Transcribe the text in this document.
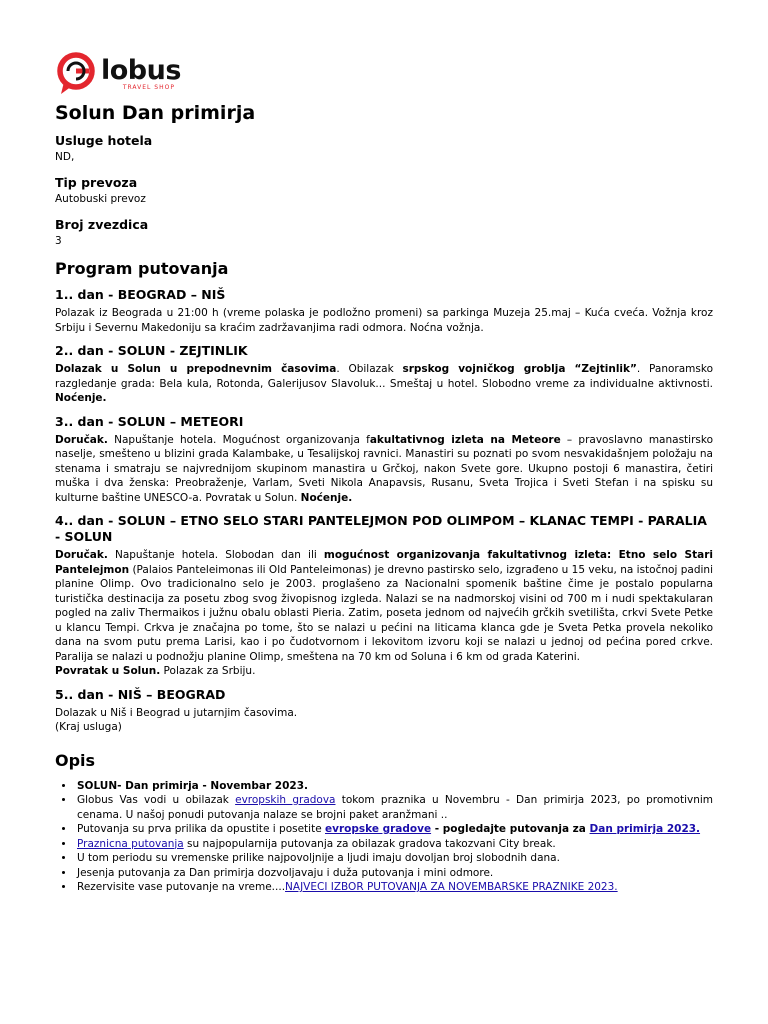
lobus
TRAVEL SHOP
Solun Dan primirja
Usluge hotela
ND,
Tip prevoza
Autobuski prevoz
Broj zvezdica
3
Program putovanja
1.. dan - BEOGRAD – NIŠ

Polazak iz Beograda u 21:00 h (vreme polaska je podložno promeni) sa parkinga Muzeja 25.maj – Kuća cveća. Vožnja kroz Srbiju i Severnu Makedoniju sa kraćim zadržavanjima radi odmora. Noćna vožnja.

2.. dan - SOLUN - ZEJTINLIK

Dolazak u Solun u prepodnevnim časovima. Obilazak srpskog vojničkog groblja “Zejtinlik”. Panoramsko razgledanje grada: Bela kula, Rotonda, Galerijusov Slavoluk... Smeštaj u hotel. Slobodno vreme za individualne aktivnosti. Noćenje.

3.. dan - SOLUN – METEORI

Doručak. Napuštanje hotela. Mogućnost organizovanja fakultativnog izleta na Meteore – pravoslavno manastirsko naselje, smešteno u blizini grada Kalambake, u Tesalijskoj ravnici. Manastiri su poznati po svom nesvakidašnjem položaju na stenama i smatraju se najvrednijom skupinom manastira u Grčkoj, nakon Svete gore. Ukupno postoji 6 manastira, četiri muška i dva ženska: Preobraženje, Varlam, Sveti Nikola Anapavsis, Rusanu, Sveta Trojica i Sveti Stefan i na spisku su kulturne baštine UNESCO-a. Povratak u Solun. Noćenje.

4.. dan - SOLUN – ETNO SELO STARI PANTELEJMON POD OLIMPOM – KLANAC TEMPI - PARALIA - SOLUN

Doručak. Napuštanje hotela. Slobodan dan ili mogućnost organizovanja fakultativnog izleta: Etno selo Stari Pantelejmon (Palaios Panteleimonas ili Old Panteleimonas) je drevno pastirsko selo, izgrađeno u 15 veku, na istočnoj padini planine Olimp. Ovo tradicionalno selo je 2003. proglašeno za Nacionalni spomenik baštine čime je postalo popularna turistička destinacija za posetu zbog svog živopisnog izgleda. Nalazi se na nadmorskoj visini od 700 m i nudi spektakularan pogled na zaliv Thermaikos i južnu obalu oblasti Pieria. Zatim, poseta jednom od najvećih grčkih svetilišta, crkvi Svete Petke u klancu Tempi. Crkva je značajna po tome, što se nalazi u pećini na liticama klanca gde je Sveta Petka provela nekoliko dana na svom putu prema Larisi, kao i po čudotvornom i lekovitom izvoru koji se nalazi u jednoj od pećina pored crkve. Paralija se nalazi u podnožju planine Olimp, smeštena na 70 km od Soluna i 6 km od grada Katerini.
Povratak u Solun. Polazak za Srbiju.

5.. dan - NIŠ – BEOGRAD

Dolazak u Niš i Beograd u jutarnjim časovima.
(Kraj usluga)

Opis
• SOLUN- Dan primirja - Novembar 2023.
• Globus Vas vodi u obilazak evropskih gradova tokom praznika u Novembru - Dan primirja 2023, po promotivnim cenama. U našoj ponudi putovanja nalaze se brojni paket aranžmani ..
• Putovanja su prva prilika da opustite i posetite evropske gradove - pogledajte putovanja za Dan primirja 2023.
• Praznicna putovanja su najpopularnija putovanja za obilazak gradova takozvani City break.
• U tom periodu su vremenske prilike najpovoljnije a ljudi imaju dovoljan broj slobodnih dana.
• Jesenja putovanja za Dan primirja dozvoljavaju i duža putovanja i mini odmore.
• Rezervisite vase putovanje na vreme....NAJVECI IZBOR PUTOVANJA ZA NOVEMBARSKE PRAZNIKE 2023.
